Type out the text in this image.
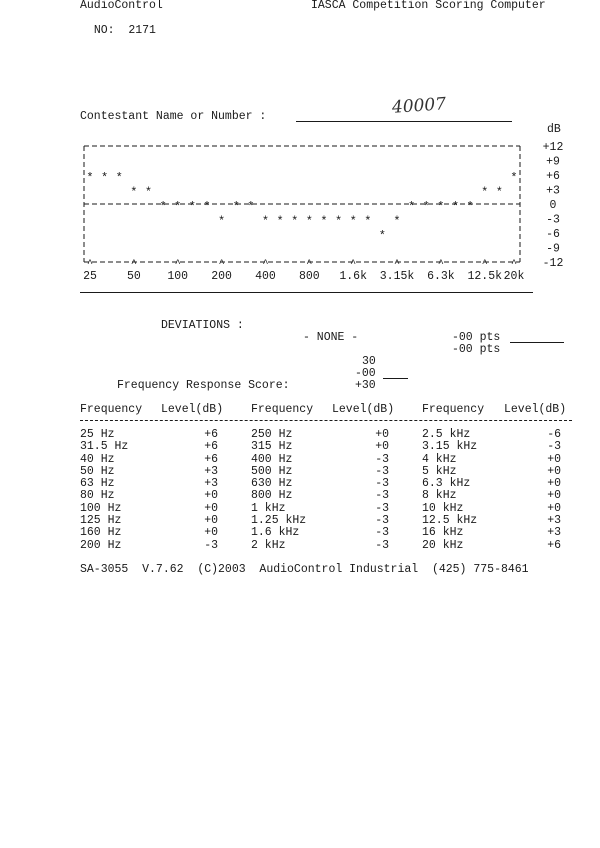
AudioControl

NO: 2171

IASCA Competition Scoring Computer
Contestant Name or Number :	40007
dB
+12
+9
+6
+3
0
-3
-6
-9
-12
^
25
^
50
^
100
^
200
^
400
^
800
^
1.6k
^
3.15k
^
6.3k
^
12.5k
^
20k
* * *
* *
* * * *
*
* *
* * * * * * * *
*
*
* * * * *
* *
*
DEVIATIONS :
- NONE -	-00 pts
-00 pts
30
-00
Frequency Response Score:	+30
Frequency Level(dB) Frequency Level(dB) Frequency Level(dB)
25 Hz	+6	250 Hz	+0	2.5 kHz	-6
31.5 Hz	+6	315 Hz	+0	3.15 kHz	-3
40 Hz	+6	400 Hz	-3	4 kHz	+0
50 Hz	+3	500 Hz	-3	5 kHz	+0
63 Hz	+3	630 Hz	-3	6.3 kHz	+0
80 Hz	+0	800 Hz	-3	8 kHz	+0
100 Hz	+0	1 kHz	-3	10 kHz	+0
125 Hz	+0	1.25 kHz	-3	12.5 kHz	+3
160 Hz	+0	1.6 kHz	-3	16 kHz	+3
200 Hz	-3	2 kHz	-3	20 kHz	+6
SA-3055  V.7.62  (C)2003  AudioControl Industrial  (425) 775-8461
